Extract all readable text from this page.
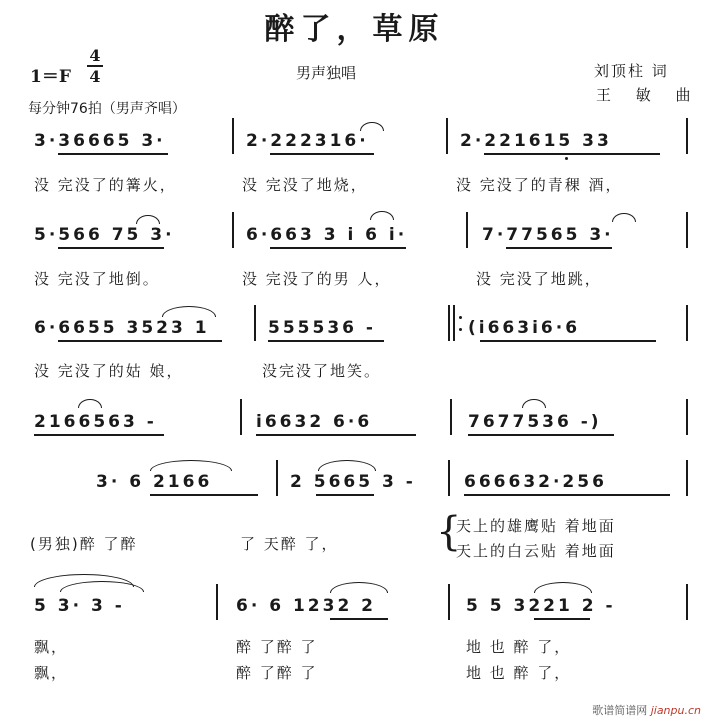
醉了，草原
1＝F
4
4	男声独唱	刘顶柱 词
王 敏 曲
每分钟76拍（男声齐唱）
3·36665 3·	2·222316·	2·221615 33
没 完没了的篝火，	没 完没了地烧，	没 完没了的青稞 酒，
5·566 75 3·	6·663 3 i 6 i·	7·77565 3·
没 完没了地倒。	没 完没了的男 人，	没 完没了地跳，
6·6655 3523 1	555536 -	(i663i6·6
没 完没了的姑 娘，	没完没了地笑。
2166563 -	i6632 6·6	7677536 -)
3· 6 2166	2 5665 3 -	666632·256
(男独)醉 了醉	了 天醉 了， {
天上的雄鹰贴 着地面
天上的白云贴 着地面
5 3· 3 -	6· 6 1232 2	5 5 3221 2 -
飘，	醉 了醉 了	地 也 醉 了，
飘，	醉 了醉 了	地 也 醉 了，
歌谱简谱网 jianpu.cn
